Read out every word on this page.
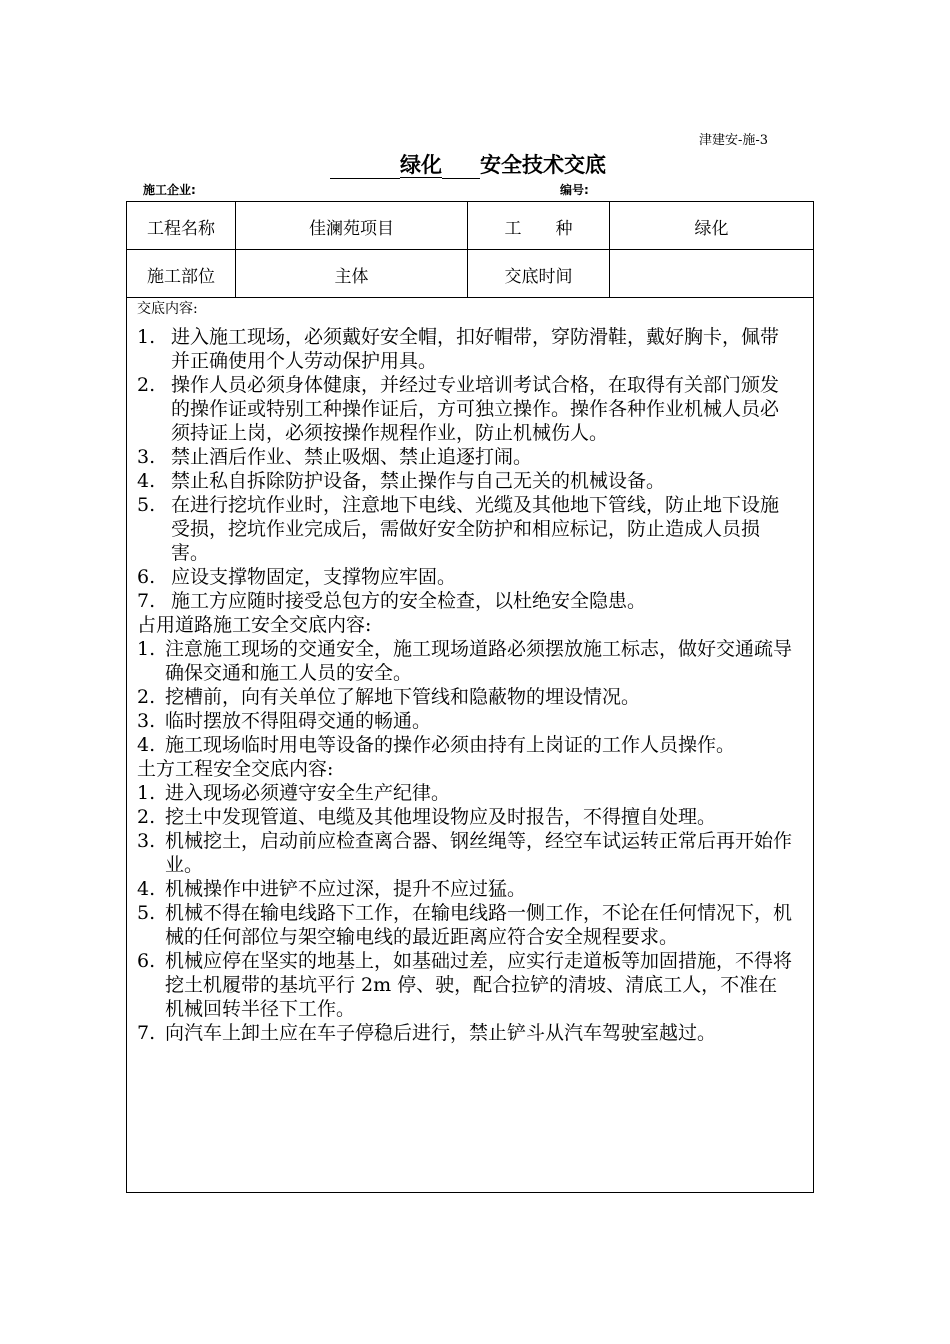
津建安-施-3
绿化 安全技术交底
施工企业:	编号:
工程名称	佳澜苑项目	工　　种	绿化
施工部位	主体	交底时间
交底内容:
1. 进入施工现场，必须戴好安全帽，扣好帽带，穿防滑鞋，戴好胸卡，佩带并正确使用个人劳动保护用具。
2. 操作人员必须身体健康，并经过专业培训考试合格，在取得有关部门颁发的操作证或特别工种操作证后，方可独立操作。操作各种作业机械人员必须持证上岗，必须按操作规程作业，防止机械伤人。
3. 禁止酒后作业、禁止吸烟、禁止追逐打闹。
4. 禁止私自拆除防护设备，禁止操作与自己无关的机械设备。
5. 在进行挖坑作业时，注意地下电线、光缆及其他地下管线，防止地下设施受损，挖坑作业完成后，需做好安全防护和相应标记，防止造成人员损害。
6. 应设支撑物固定，支撑物应牢固。
7. 施工方应随时接受总包方的安全检查，以杜绝安全隐患。
占用道路施工安全交底内容:
1. 注意施工现场的交通安全，施工现场道路必须摆放施工标志，做好交通疏导确保交通和施工人员的安全。
2. 挖槽前，向有关单位了解地下管线和隐蔽物的埋设情况。
3. 临时摆放不得阻碍交通的畅通。
4. 施工现场临时用电等设备的操作必须由持有上岗证的工作人员操作。
土方工程安全交底内容:
1. 进入现场必须遵守安全生产纪律。
2. 挖土中发现管道、电缆及其他埋设物应及时报告，不得擅自处理。
3. 机械挖土，启动前应检查离合器、钢丝绳等，经空车试运转正常后再开始作业。
4. 机械操作中进铲不应过深，提升不应过猛。
5. 机械不得在输电线路下工作，在输电线路一侧工作，不论在任何情况下，机械的任何部位与架空输电线的最近距离应符合安全规程要求。
6. 机械应停在坚实的地基上，如基础过差，应实行走道板等加固措施，不得将挖土机履带的基坑平行 2m 停、驶，配合拉铲的清坡、清底工人，不准在机械回转半径下工作。
7. 向汽车上卸土应在车子停稳后进行，禁止铲斗从汽车驾驶室越过。
